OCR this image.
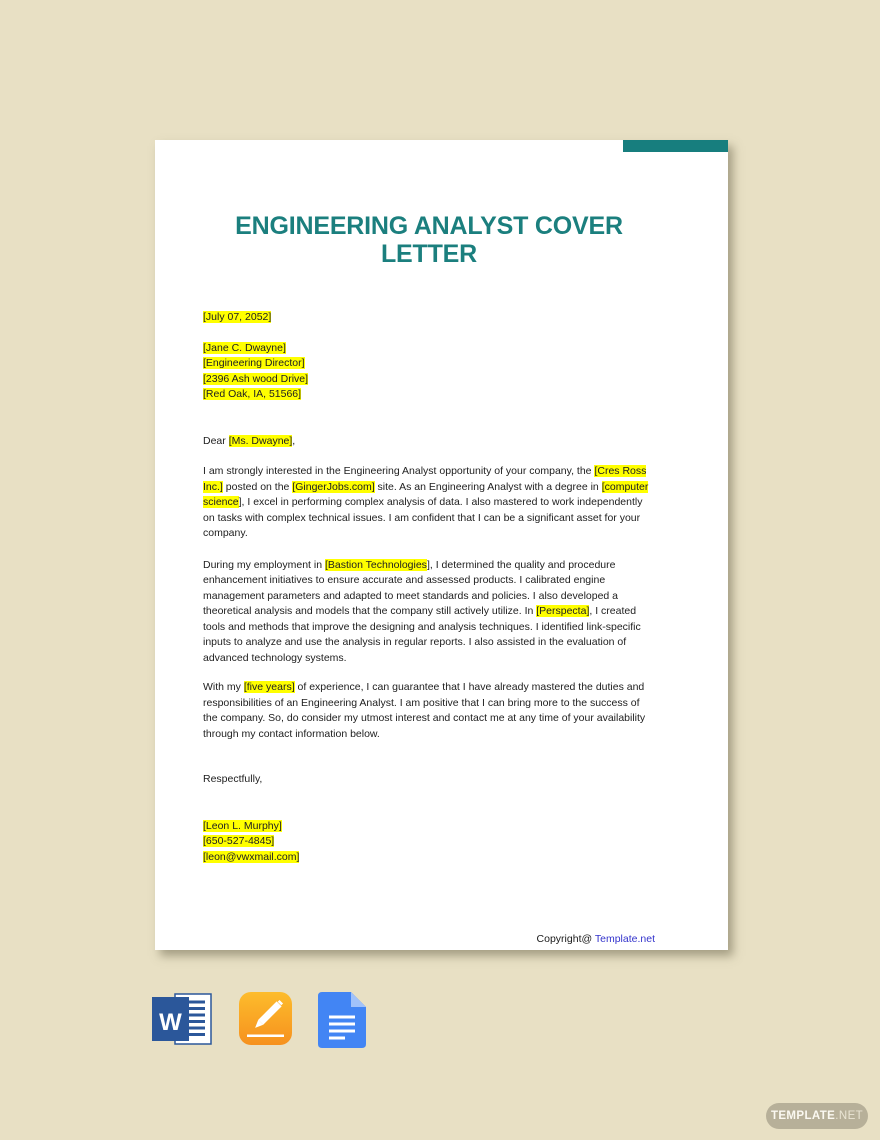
ENGINEERING ANALYST COVER LETTER
[July 07, 2052]
[Jane C. Dwayne]
[Engineering Director]
[2396 Ash wood Drive]
[Red Oak, IA, 51566]

Dear [Ms. Dwayne],

I am strongly interested in the Engineering Analyst opportunity of your company, the [Cres Ross Inc.] posted on the [GingerJobs.com] site. As an Engineering Analyst with a degree in [computer science], I excel in performing complex analysis of data. I also mastered to work independently on tasks with complex technical issues. I am confident that I can be a significant asset for your company.

During my employment in [Bastion Technologies], I determined the quality and procedure enhancement initiatives to ensure accurate and assessed products. I calibrated engine management parameters and adapted to meet standards and policies. I also developed a theoretical analysis and models that the company still actively utilize. In [Perspecta], I created tools and methods that improve the designing and analysis techniques. I identified link-specific inputs to analyze and use the analysis in regular reports. I also assisted in the evaluation of advanced technology systems.

With my [five years] of experience, I can guarantee that I have already mastered the duties and responsibilities of an Engineering Analyst. I am positive that I can bring more to the success of the company. So, do consider my utmost interest and contact me at any time of your availability through my contact information below.

Respectfully,

[Leon L. Murphy]
[650-527-4845]
[leon@vwxmail.com]
Copyright@ Template.net
W
TEMPLATE .NET
